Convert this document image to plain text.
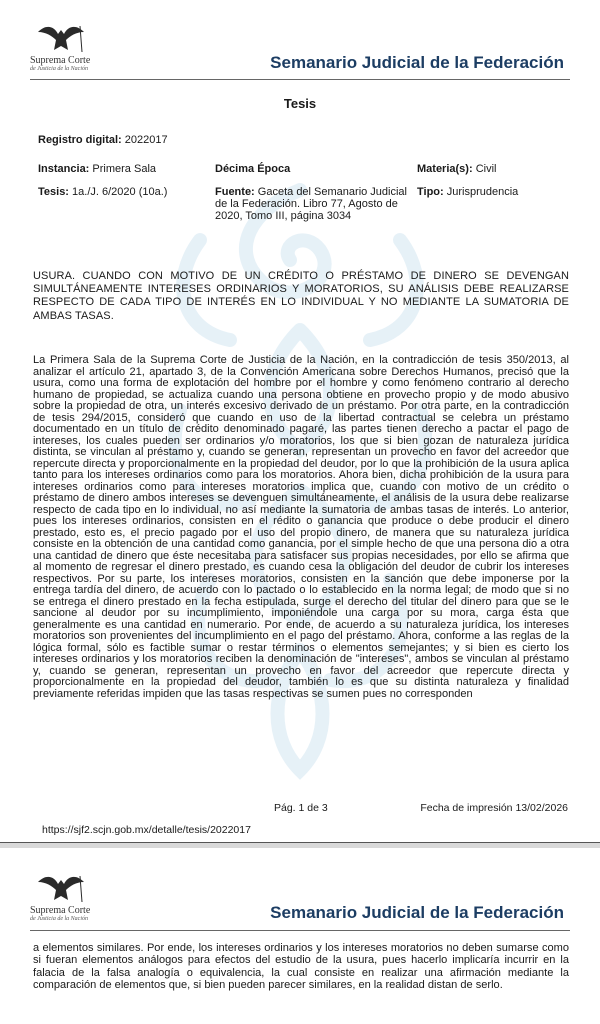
Suprema Corte
de Justicia de la Nación	Semanario Judicial de la Federación
Tesis
Registro digital: 2022017
Instancia: Primera Sala	Décima Época	Materia(s): Civil
Tesis: 1a./J. 6/2020 (10a.)	Fuente: Gaceta del Semanario Judicial de la Federación. Libro 77, Agosto de 2020, Tomo III, página 3034
Tipo: Jurisprudencia
USURA. CUANDO CON MOTIVO DE UN CRÉDITO O PRÉSTAMO DE DINERO SE DEVENGAN SIMULTÁNEAMENTE INTERESES ORDINARIOS Y MORATORIOS, SU ANÁLISIS DEBE REALIZARSE RESPECTO DE CADA TIPO DE INTERÉS EN LO INDIVIDUAL Y NO MEDIANTE LA SUMATORIA DE AMBAS TASAS.
La Primera Sala de la Suprema Corte de Justicia de la Nación, en la contradicción de tesis 350/2013, al analizar el artículo 21, apartado 3, de la Convención Americana sobre Derechos Humanos, precisó que la usura, como una forma de explotación del hombre por el hombre y como fenómeno contrario al derecho humano de propiedad, se actualiza cuando una persona obtiene en provecho propio y de modo abusivo sobre la propiedad de otra, un interés excesivo derivado de un préstamo. Por otra parte, en la contradicción de tesis 294/2015, consideró que cuando en uso de la libertad contractual se celebra un préstamo documentado en un título de crédito denominado pagaré, las partes tienen derecho a pactar el pago de intereses, los cuales pueden ser ordinarios y/o moratorios, los que si bien gozan de naturaleza jurídica distinta, se vinculan al préstamo y, cuando se generan, representan un provecho en favor del acreedor que repercute directa y proporcionalmente en la propiedad del deudor, por lo que la prohibición de la usura aplica tanto para los intereses ordinarios como para los moratorios. Ahora bien, dicha prohibición de la usura para intereses ordinarios como para intereses moratorios implica que, cuando con motivo de un crédito o préstamo de dinero ambos intereses se devenguen simultáneamente, el análisis de la usura debe realizarse respecto de cada tipo en lo individual, no así mediante la sumatoria de ambas tasas de interés. Lo anterior, pues los intereses ordinarios, consisten en el rédito o ganancia que produce o debe producir el dinero prestado, esto es, el precio pagado por el uso del propio dinero, de manera que su naturaleza jurídica consiste en la obtención de una cantidad como ganancia, por el simple hecho de que una persona dio a otra una cantidad de dinero que éste necesitaba para satisfacer sus propias necesidades, por ello se afirma que al momento de regresar el dinero prestado, es cuando cesa la obligación del deudor de cubrir los intereses respectivos. Por su parte, los intereses moratorios, consisten en la sanción que debe imponerse por la entrega tardía del dinero, de acuerdo con lo pactado o lo establecido en la norma legal; de modo que si no se entrega el dinero prestado en la fecha estipulada, surge el derecho del titular del dinero para que se le sancione al deudor por su incumplimiento, imponiéndole una carga por su mora, carga ésta que generalmente es una cantidad en numerario. Por ende, de acuerdo a su naturaleza jurídica, los intereses moratorios son provenientes del incumplimiento en el pago del préstamo. Ahora, conforme a las reglas de la lógica formal, sólo es factible sumar o restar términos o elementos semejantes; y si bien es cierto los intereses ordinarios y los moratorios reciben la denominación de "intereses", ambos se vinculan al préstamo y, cuando se generan, representan un provecho en favor del acreedor que repercute directa y proporcionalmente en la propiedad del deudor, también lo es que su distinta naturaleza y finalidad previamente referidas impiden que las tasas respectivas se sumen pues no corresponden
Pág. 1 de 3	Fecha de impresión 13/02/2026
https://sjf2.scjn.gob.mx/detalle/tesis/2022017
Suprema Corte
de Justicia de la Nación	Semanario Judicial de la Federación
a elementos similares. Por ende, los intereses ordinarios y los intereses moratorios no deben sumarse como si fueran elementos análogos para efectos del estudio de la usura, pues hacerlo implicaría incurrir en la falacia de la falsa analogía o equivalencia, la cual consiste en realizar una afirmación mediante la comparación de elementos que, si bien pueden parecer similares, en la realidad distan de serlo.
